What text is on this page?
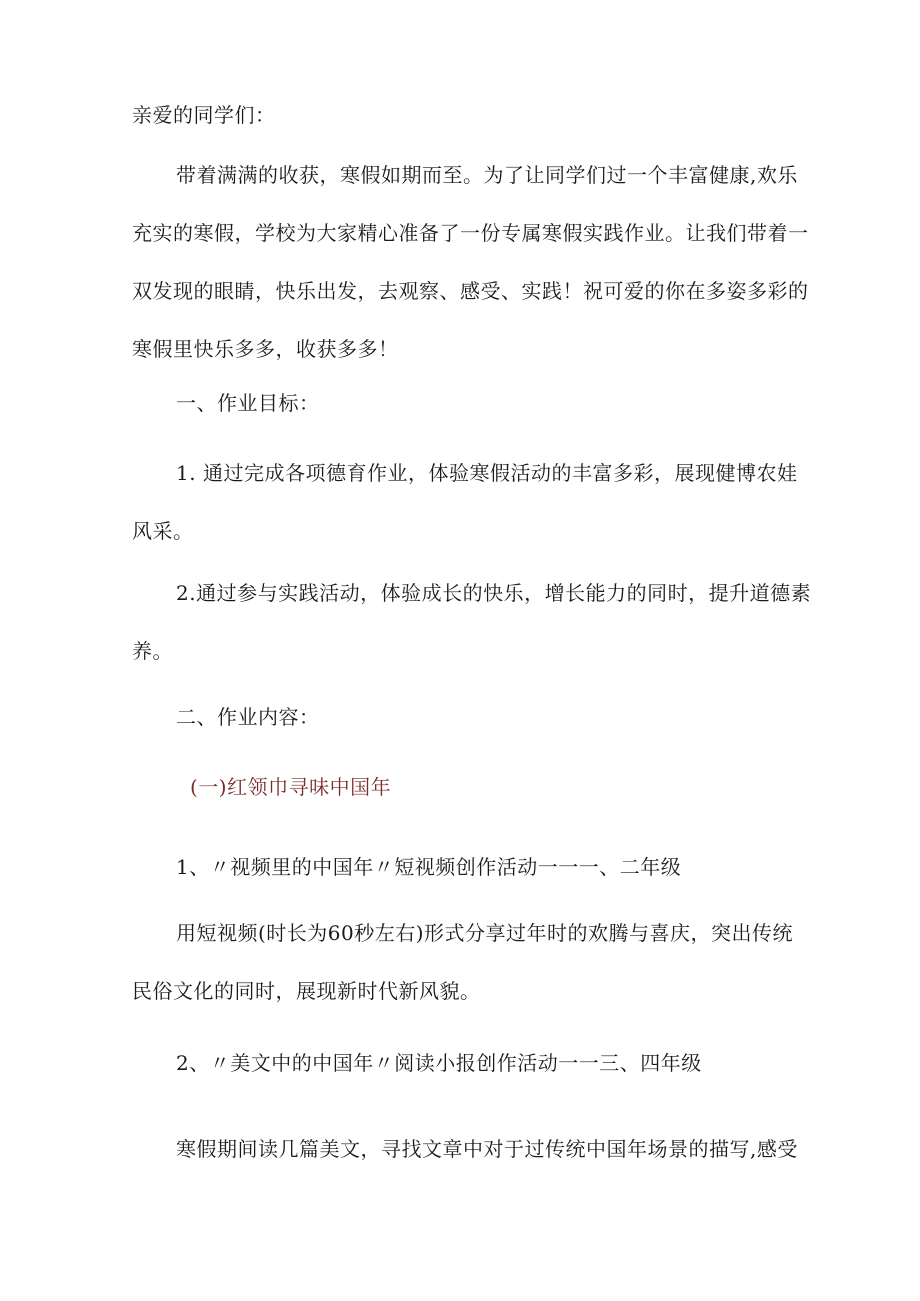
亲爱的同学们：

带着满满的收获，寒假如期而至。为了让同学们过一个丰富健康,欢乐
充实的寒假，学校为大家精心准备了一份专属寒假实践作业。让我们带着一
双发现的眼睛，快乐出发，去观察、感受、实践！祝可爱的你在多姿多彩的
寒假里快乐多多，收获多多！

一、作业目标：

1. 通过完成各项德育作业，体验寒假活动的丰富多彩，展现健博农娃
风采。
2.通过参与实践活动，体验成长的快乐，增长能力的同时，提升道德素
养。

二、作业内容：

(一)红领巾寻味中国年

1、〃视频里的中国年〃短视频创作活动一一一、二年级

用短视频(时长为60秒左右)形式分享过年时的欢腾与喜庆，突出传统
民俗文化的同时，展现新时代新风貌。

2、〃美文中的中国年〃阅读小报创作活动一一三、四年级

寒假期间读几篇美文，寻找文章中对于过传统中国年场景的描写,感受
